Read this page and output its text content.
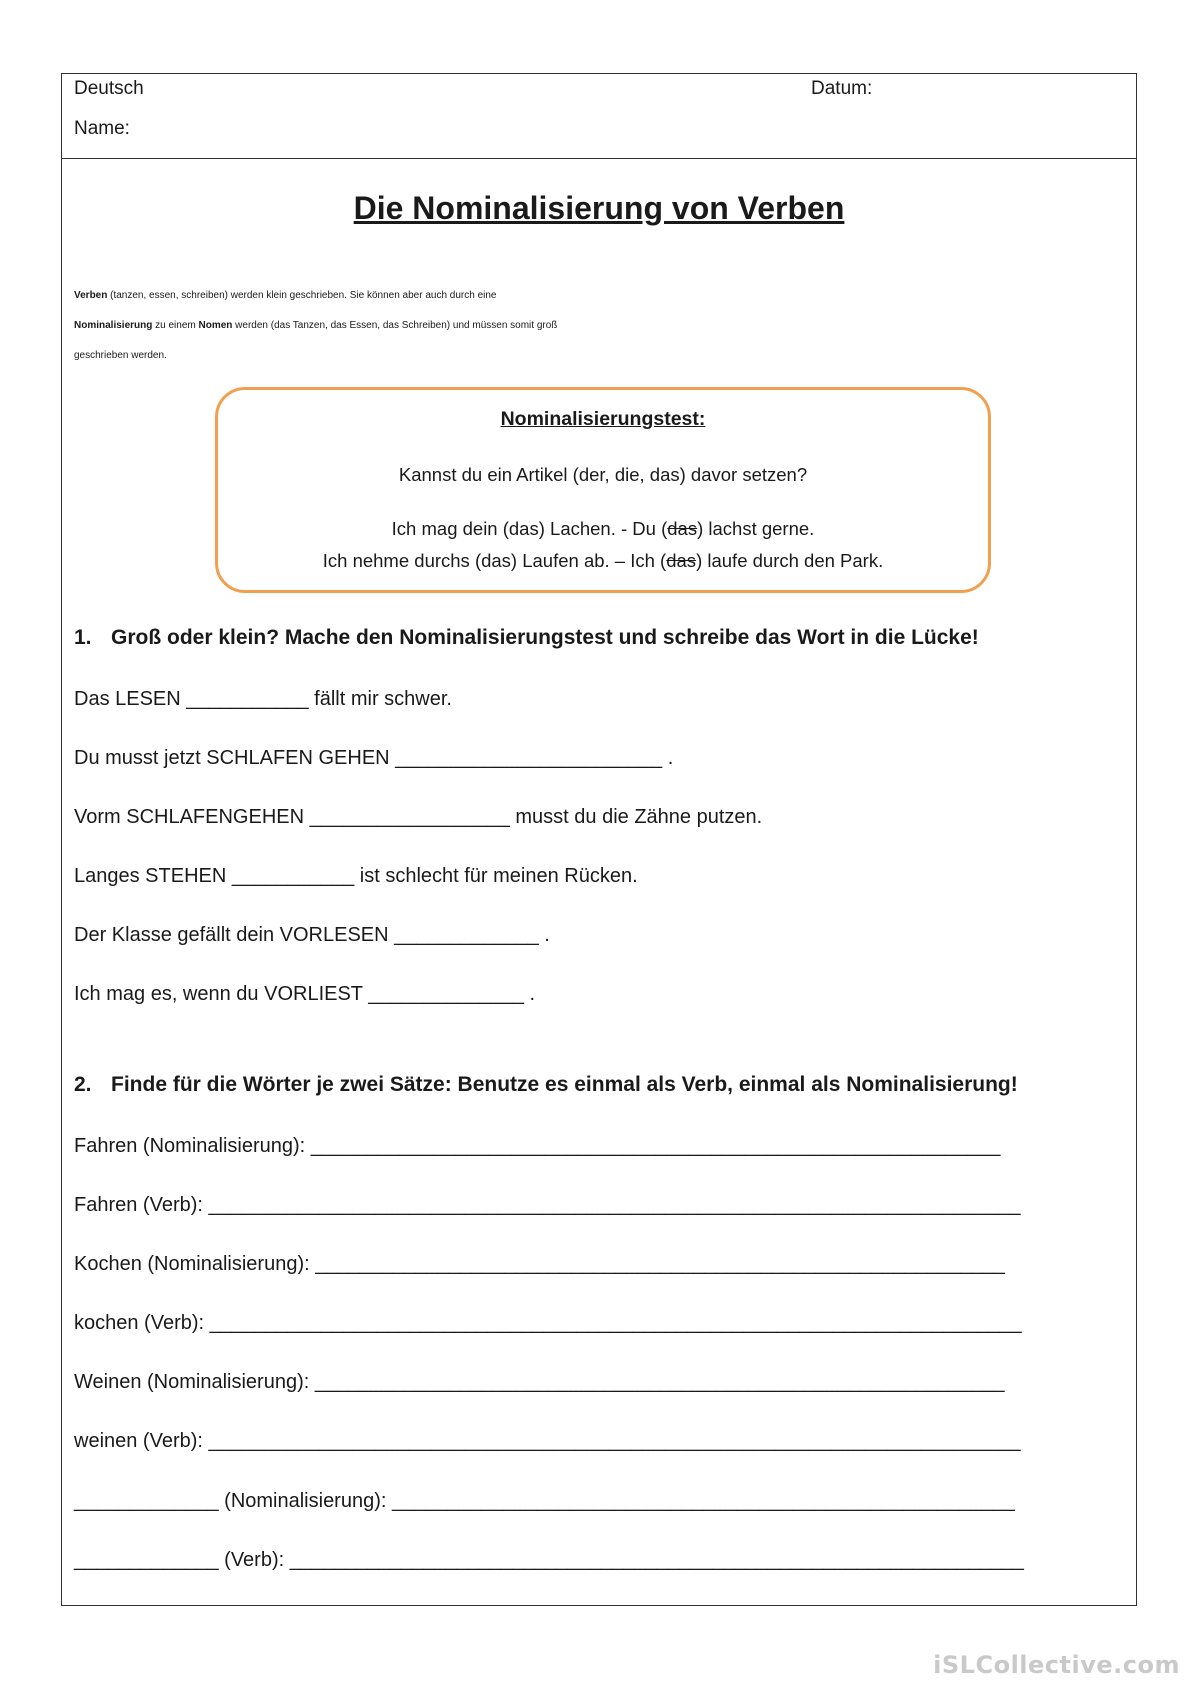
Deutsch	Datum:
Name:
Die Nominalisierung von Verben
Verben (tanzen, essen, schreiben) werden klein geschrieben. Sie können aber auch durch eine
Nominalisierung zu einem Nomen werden (das Tanzen, das Essen, das Schreiben) und müssen somit groß
geschrieben werden.
Nominalisierungstest:
Kannst du ein Artikel (der, die, das) davor setzen?
Ich mag dein (das) Lachen. - Du (das) lachst gerne.
Ich nehme durchs (das) Laufen ab. – Ich (das) laufe durch den Park.
1. Groß oder klein? Mache den Nominalisierungstest und schreibe das Wort in die Lücke!
Das LESEN ___________ fällt mir schwer.
Du musst jetzt SCHLAFEN GEHEN ________________________ .
Vorm SCHLAFENGEHEN __________________ musst du die Zähne putzen.
Langes STEHEN ___________ ist schlecht für meinen Rücken.
Der Klasse gefällt dein VORLESEN _____________ .
Ich mag es, wenn du VORLIEST ______________ .
2. Finde für die Wörter je zwei Sätze: Benutze es einmal als Verb, einmal als Nominalisierung!
Fahren (Nominalisierung): ______________________________________________________________
Fahren (Verb): _________________________________________________________________________
Kochen (Nominalisierung): ______________________________________________________________
kochen (Verb): _________________________________________________________________________
Weinen (Nominalisierung): ______________________________________________________________
weinen (Verb): _________________________________________________________________________
_____________ (Nominalisierung): ________________________________________________________
_____________ (Verb): __________________________________________________________________
iSLCollective.com
